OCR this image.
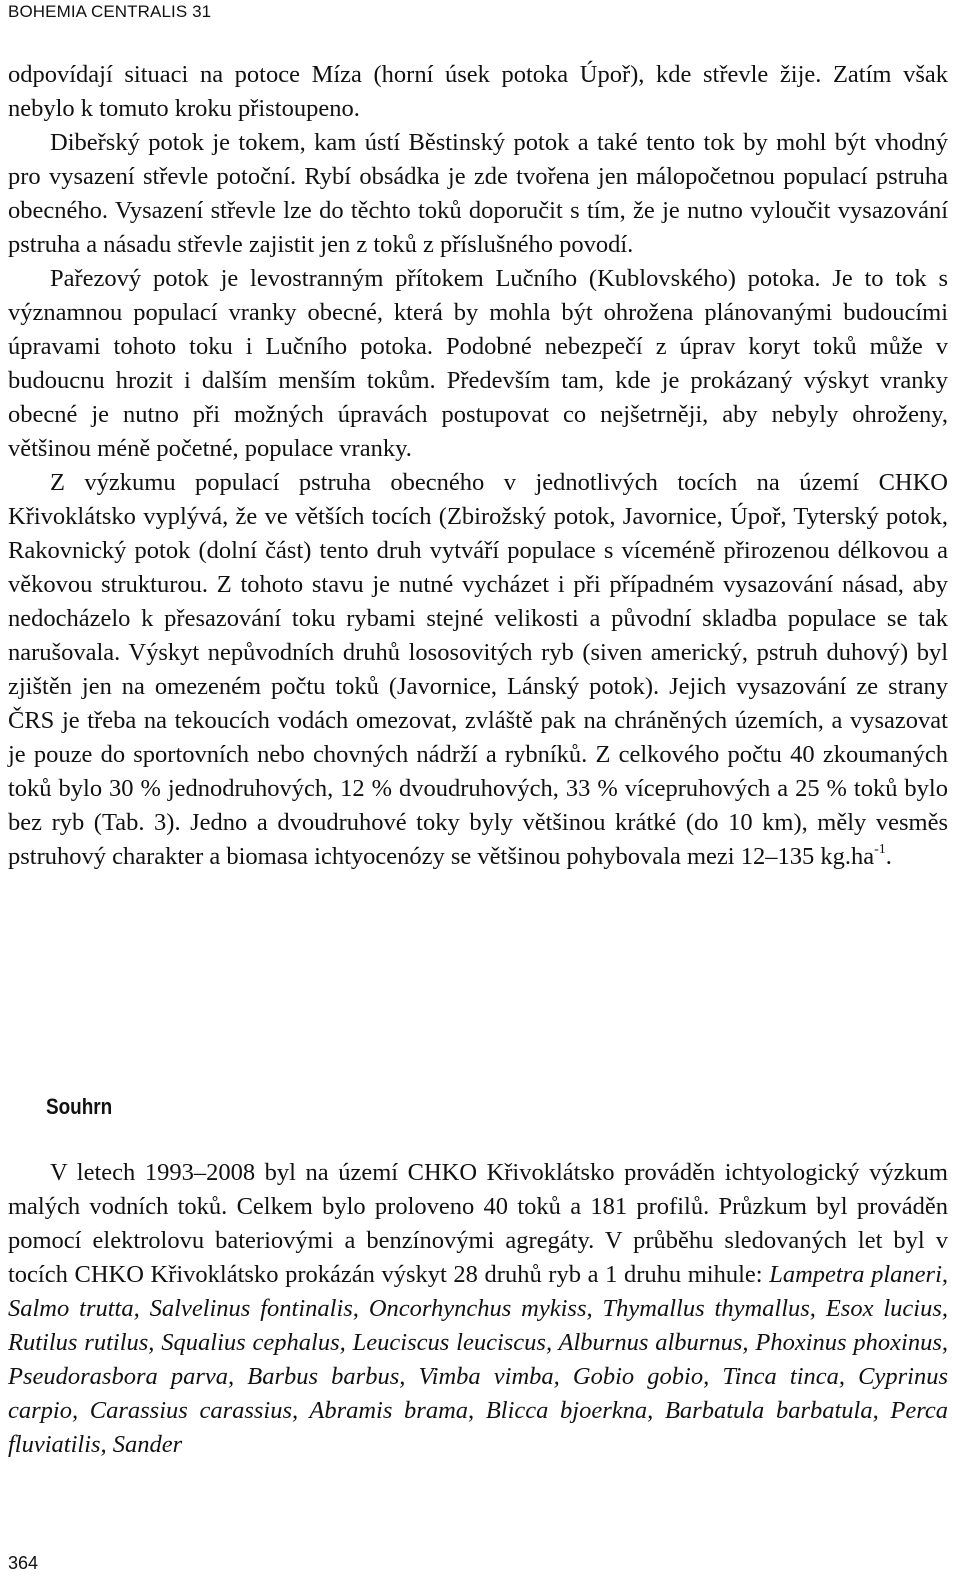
BOHEMIA CENTRALIS 31

odpovídají situaci na potoce Míza (horní úsek potoka Úpoř), kde střevle žije. Zatím však nebylo k tomuto kroku přistoupeno.

Dibeřský potok je tokem, kam ústí Běstinský potok a také tento tok by mohl být vhodný pro vysazení střevle potoční. Rybí obsádka je zde tvořena jen málopočetnou populací pstruha obecného. Vysazení střevle lze do těchto toků doporučit s tím, že je nutno vyloučit vysazování pstruha a násadu střevle zajistit jen z toků z příslušného povodí.

Pařezový potok je levostranným přítokem Lučního (Kublovského) potoka. Je to tok s významnou populací vranky obecné, která by mohla být ohrožena plánovanými budoucími úpravami tohoto toku i Lučního potoka. Podobné nebezpečí z úprav koryt toků může v budoucnu hrozit i dalším menším tokům. Především tam, kde je prokázaný výskyt vranky obecné je nutno při možných úpravách postupovat co nejšetrněji, aby nebyly ohroženy, většinou méně početné, populace vranky.

Z výzkumu populací pstruha obecného v jednotlivých tocích na území CHKO Křivoklátsko vyplývá, že ve větších tocích (Zbirožský potok, Javornice, Úpoř, Tyterský potok, Rakovnický potok (dolní část) tento druh vytváří populace s víceméně přirozenou délkovou a věkovou strukturou. Z tohoto stavu je nutné vycházet i při případném vysazování násad, aby nedocházelo k přesazování toku rybami stejné velikosti a původní skladba populace se tak narušovala. Výskyt nepůvodních druhů lososovitých ryb (siven americký, pstruh duhový) byl zjištěn jen na omezeném počtu toků (Javornice, Lánský potok). Jejich vysazování ze strany ČRS je třeba na tekoucích vodách omezovat, zvláště pak na chráněných územích, a vysazovat je pouze do sportovních nebo chovných nádrží a rybníků. Z celkového počtu 40 zkoumaných toků bylo 30 % jednodruhových, 12 % dvoudruhových, 33 % vícepruhových a 25 % toků bylo bez ryb (Tab. 3). Jedno a dvoudruhové toky byly většinou krátké (do 10 km), měly vesměs pstruhový charakter a biomasa ichtyocenózy se většinou pohybovala mezi 12–135 $kg.ha^{-1}$.

Souhrn

V letech 1993–2008 byl na území CHKO Křivoklátsko prováděn ichtyologický výzkum malých vodních toků. Celkem bylo proloveno 40 toků a 181 profilů. Průzkum byl prováděn pomocí elektrolovu bateriovými a benzínovými agregáty. V průběhu sledovaných let byl v tocích CHKO Křivoklátsko prokázán výskyt 28 druhů ryb a 1 druhu mihule: Lampetra planeri, Salmo trutta, Salvelinus fontinalis, Oncorhynchus mykiss, Thymallus thymallus, Esox lucius, Rutilus rutilus, Squalius cephalus, Leuciscus leuciscus, Alburnus alburnus, Phoxinus phoxinus, Pseudorasbora parva, Barbus barbus, Vimba vimba, Gobio gobio, Tinca tinca, Cyprinus carpio, Carassius carassius, Abramis brama, Blicca bjoerkna, Barbatula barbatula, Perca fluviatilis, Sander

364
